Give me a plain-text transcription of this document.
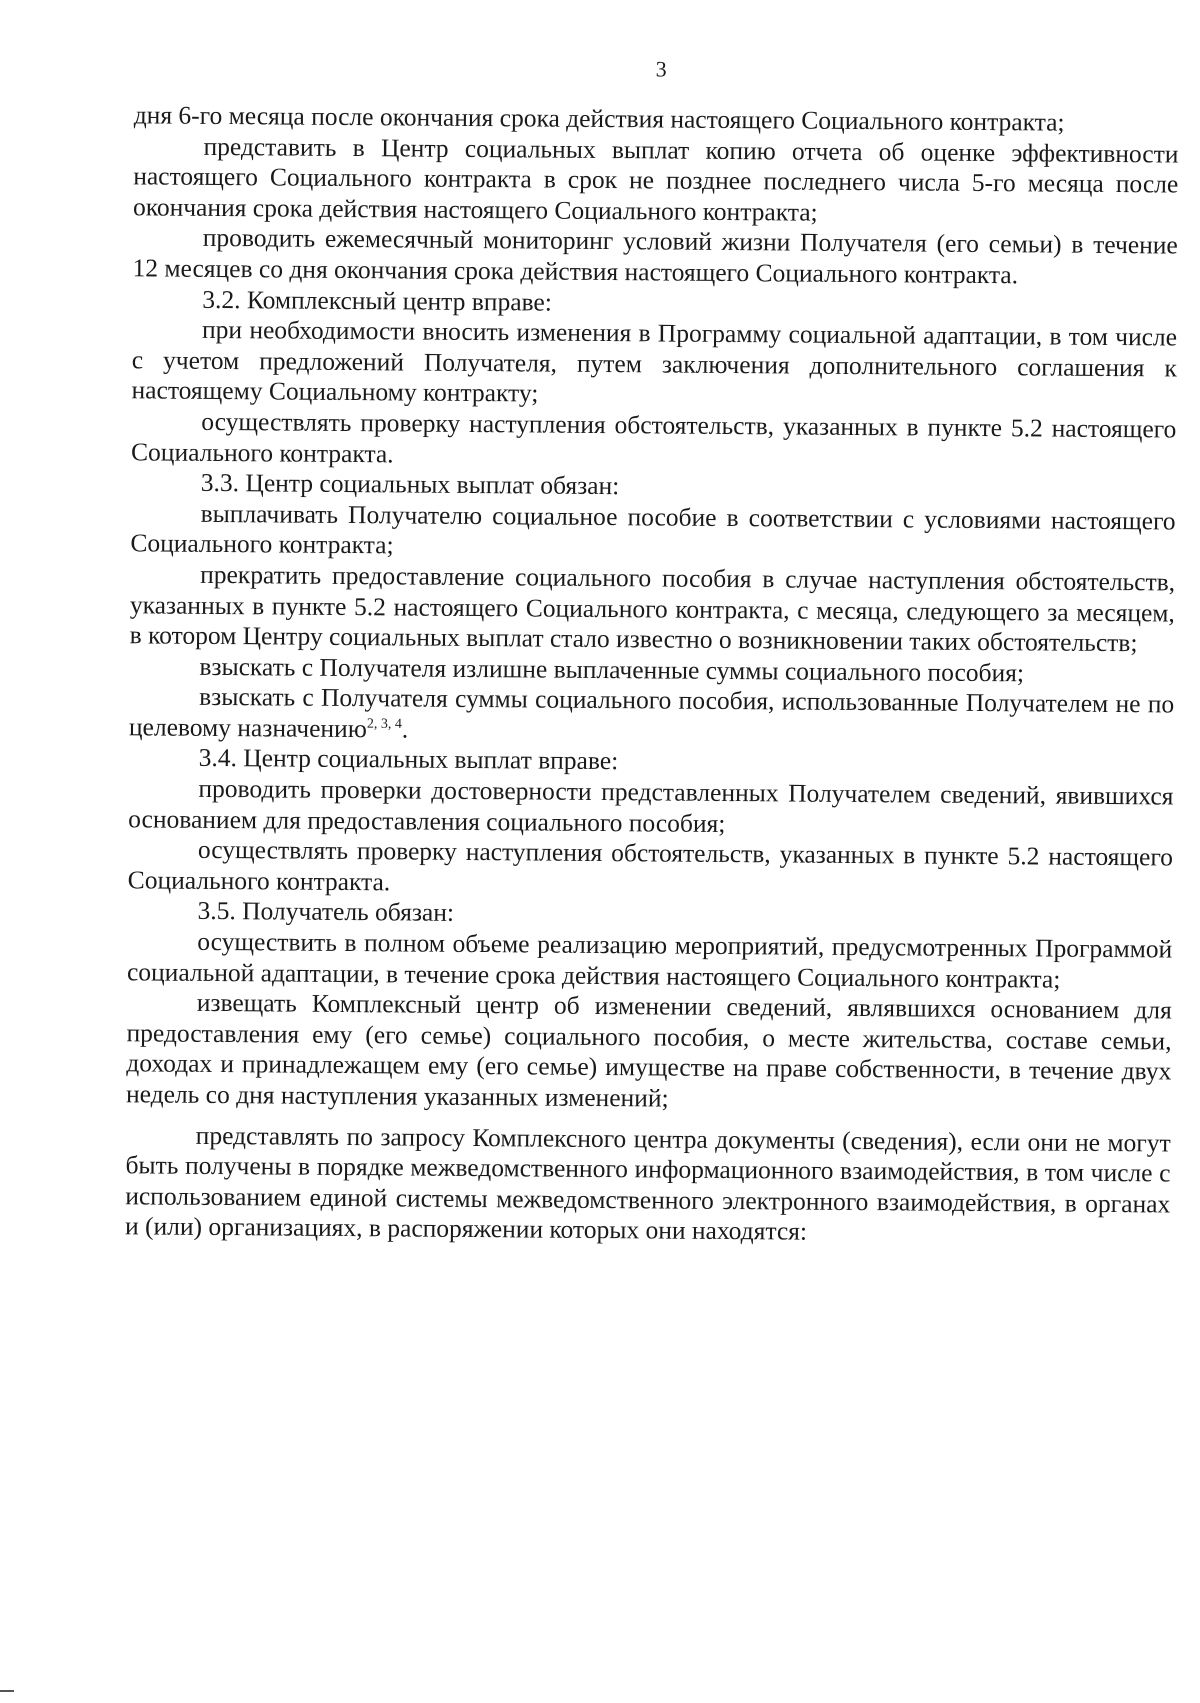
3

дня 6-го месяца после окончания срока действия настоящего Социального контракта;

представить в Центр социальных выплат копию отчета об оценке эффективности настоящего Социального контракта в срок не позднее последнего числа 5-го месяца после окончания срока действия настоящего Социального контракта;

проводить ежемесячный мониторинг условий жизни Получателя (его семьи) в течение 12 месяцев со дня окончания срока действия настоящего Социального контракта.

3.2. Комплексный центр вправе:

при необходимости вносить изменения в Программу социальной адаптации, в том числе с учетом предложений Получателя, путем заключения дополнительного соглашения к настоящему Социальному контракту;

осуществлять проверку наступления обстоятельств, указанных в пункте 5.2 настоящего Социального контракта.

3.3. Центр социальных выплат обязан:

выплачивать Получателю социальное пособие в соответствии с условиями настоящего Социального контракта;

прекратить предоставление социального пособия в случае наступления обстоятельств, указанных в пункте 5.2 настоящего Социального контракта, с месяца, следующего за месяцем, в котором Центру социальных выплат стало известно о возникновении таких обстоятельств;

взыскать с Получателя излишне выплаченные суммы социального пособия;

взыскать с Получателя суммы социального пособия, использованные Получателем не по целевому назначению$^{2, 3, 4}$.

3.4. Центр социальных выплат вправе:

проводить проверки достоверности представленных Получателем сведений, явившихся основанием для предоставления социального пособия;

осуществлять проверку наступления обстоятельств, указанных в пункте 5.2 настоящего Социального контракта.

3.5. Получатель обязан:

осуществить в полном объеме реализацию мероприятий, предусмотренных Программой социальной адаптации, в течение срока действия настоящего Социального контракта;

извещать Комплексный центр об изменении сведений, являвшихся основанием для предоставления ему (его семье) социального пособия, о месте жительства, составе семьи, доходах и принадлежащем ему (его семье) имуществе на праве собственности, в течение двух недель со дня наступления указанных изменений;

представлять по запросу Комплексного центра документы (сведения), если они не могут быть получены в порядке межведомственного информационного взаимодействия, в том числе с использованием единой системы межведомственного электронного взаимодействия, в органах и (или) организациях, в распоряжении которых они находятся:
